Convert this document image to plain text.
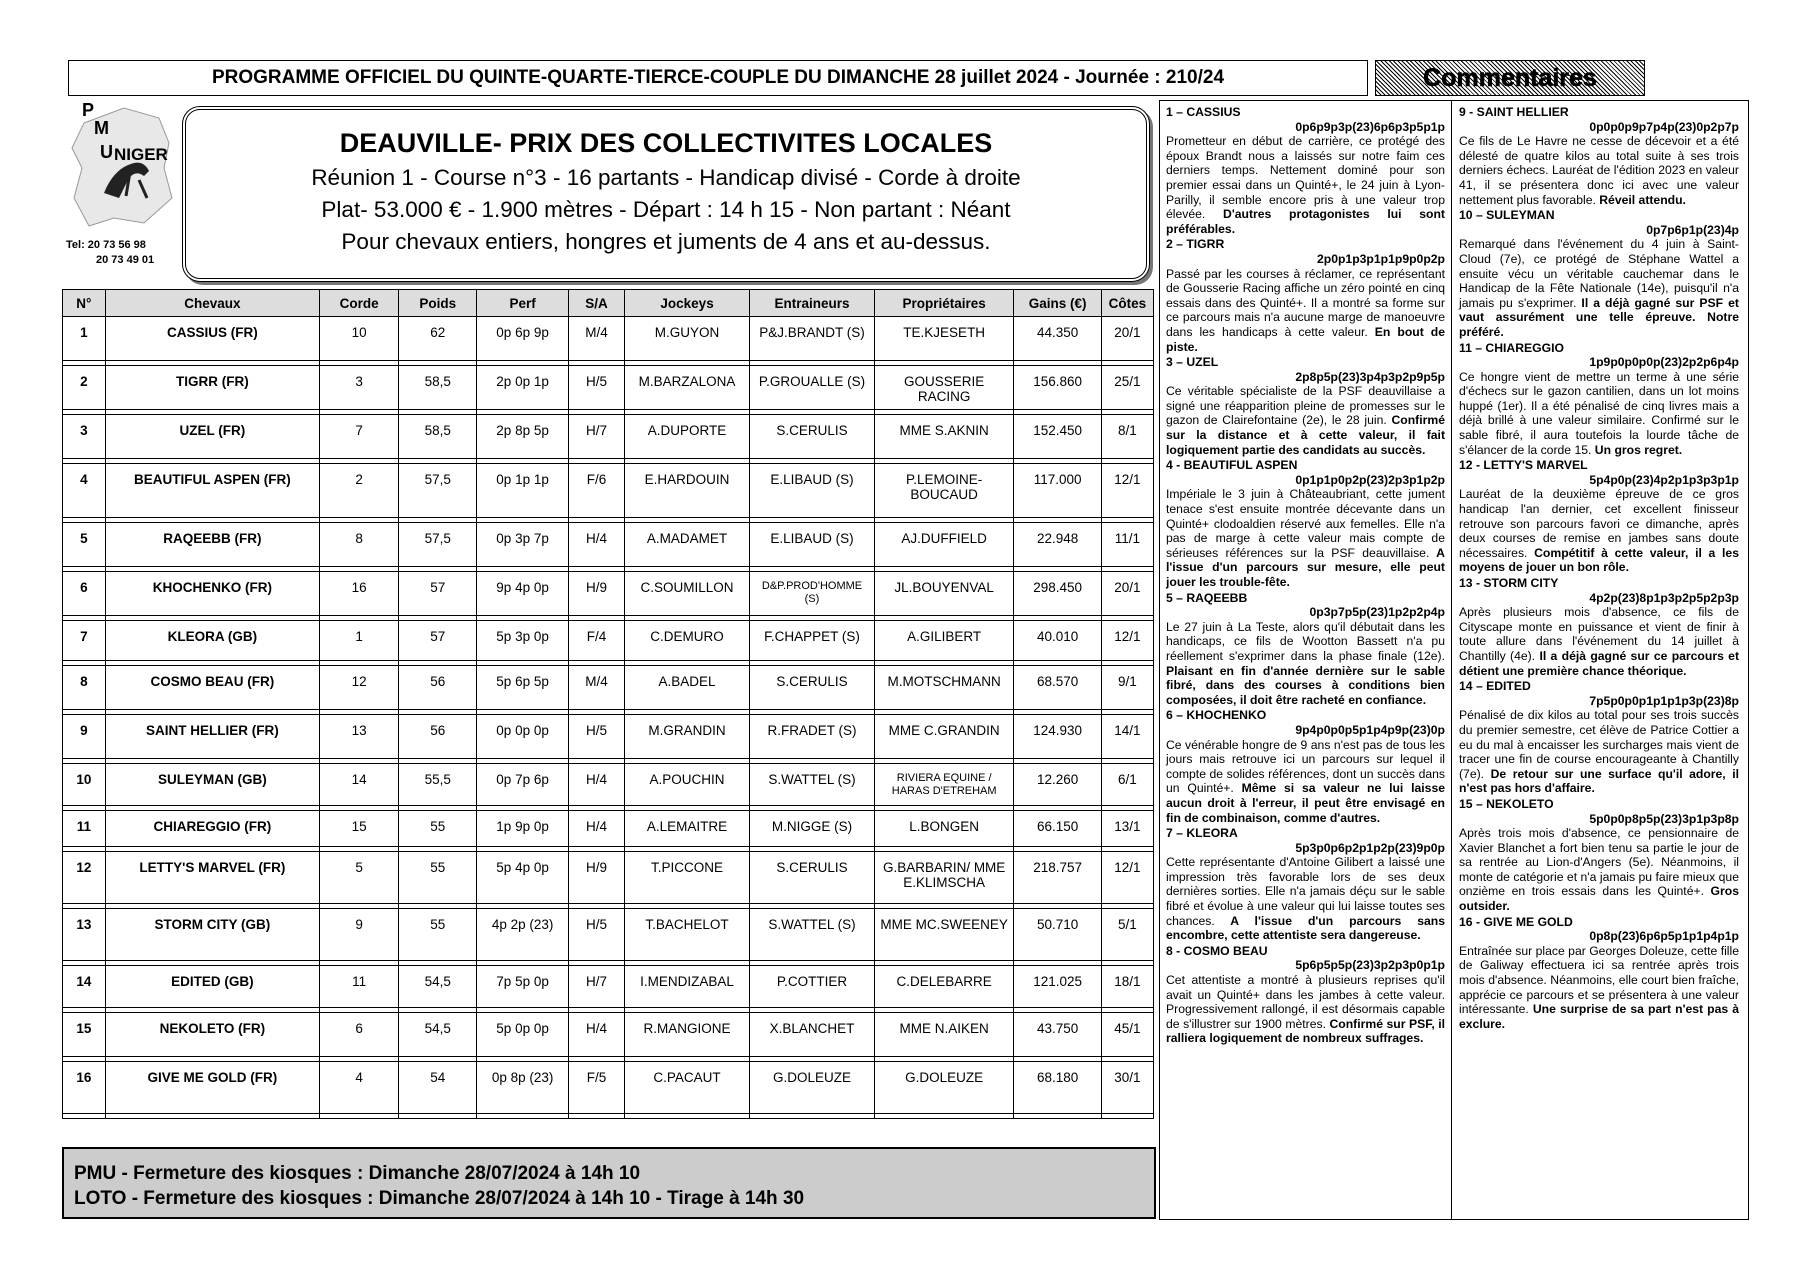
PROGRAMME OFFICIEL DU QUINTE-QUARTE-TIERCE-COUPLE DU DIMANCHE 28 juillet 2024 - Journée : 210/24	Commentaires
P
M
U NIGER
Tel: 20 73 56 98
20 73 49 01
DEAUVILLE- PRIX DES COLLECTIVITES LOCALES
Réunion 1 - Course n°3 - 16 partants - Handicap divisé - Corde à droite
Plat- 53.000 € - 1.900 mètres - Départ : 14 h 15 - Non partant : Néant
Pour chevaux entiers, hongres et juments de 4 ans et au-dessus.
N°	Chevaux	Corde	Poids	Perf	S/A	Jockeys	Entraineurs	Propriétaires	Gains (€)	Côtes
1	CASSIUS (FR)	10	62	0p 6p 9p	M/4	M.GUYON	P&J.BRANDT (S)	TE.KJESETH	44.350	20/1

2	TIGRR (FR)	3	58,5	2p 0p 1p	H/5	M.BARZALONA	P.GROUALLE (S)	GOUSSERIE RACING	156.860	25/1

3	UZEL (FR)	7	58,5	2p 8p 5p	H/7	A.DUPORTE	S.CERULIS	MME S.AKNIN	152.450	8/1

4	BEAUTIFUL ASPEN (FR)	2	57,5	0p 1p 1p	F/6	E.HARDOUIN	E.LIBAUD (S)	P.LEMOINE-BOUCAUD	117.000	12/1

5	RAQEEBB (FR)	8	57,5	0p 3p 7p	H/4	A.MADAMET	E.LIBAUD (S)	AJ.DUFFIELD	22.948	11/1

6	KHOCHENKO (FR)	16	57	9p 4p 0p	H/9	C.SOUMILLON	D&P.PROD'HOMME (S)	JL.BOUYENVAL	298.450	20/1

7	KLEORA (GB)	1	57	5p 3p 0p	F/4	C.DEMURO	F.CHAPPET (S)	A.GILIBERT	40.010	12/1

8	COSMO BEAU (FR)	12	56	5p 6p 5p	M/4	A.BADEL	S.CERULIS	M.MOTSCHMANN	68.570	9/1

9	SAINT HELLIER (FR)	13	56	0p 0p 0p	H/5	M.GRANDIN	R.FRADET (S)	MME C.GRANDIN	124.930	14/1

10	SULEYMAN (GB)	14	55,5	0p 7p 6p	H/4	A.POUCHIN	S.WATTEL (S)	RIVIERA EQUINE / HARAS D'ETREHAM	12.260	6/1

11	CHIAREGGIO (FR)	15	55	1p 9p 0p	H/4	A.LEMAITRE	M.NIGGE (S)	L.BONGEN	66.150	13/1

12	LETTY'S MARVEL (FR)	5	55	5p 4p 0p	H/9	T.PICCONE	S.CERULIS	G.BARBARIN/ MME E.KLIMSCHA	218.757	12/1

13	STORM CITY (GB)	9	55	4p 2p (23)	H/5	T.BACHELOT	S.WATTEL (S)	MME MC.SWEENEY	50.710	5/1

14	EDITED (GB)	11	54,5	7p 5p 0p	H/7	I.MENDIZABAL	P.COTTIER	C.DELEBARRE	121.025	18/1

15	NEKOLETO (FR)	6	54,5	5p 0p 0p	H/4	R.MANGIONE	X.BLANCHET	MME N.AIKEN	43.750	45/1

16	GIVE ME GOLD (FR)	4	54	0p 8p (23)	F/5	C.PACAUT	G.DOLEUZE	G.DOLEUZE	68.180	30/1

PMU - Fermeture des kiosques : Dimanche 28/07/2024 à 14h 10
LOTO - Fermeture des kiosques : Dimanche 28/07/2024 à 14h 10 - Tirage à 14h 30
1 – CASSIUS
0p6p9p3p(23)6p6p3p5p1p
Prometteur en début de carrière, ce protégé des époux Brandt nous a laissés sur notre faim ces derniers temps. Nettement dominé pour son premier essai dans un Quinté+, le 24 juin à Lyon-Parilly, il semble encore pris à une valeur trop élevée. D'autres protagonistes lui sont préférables.
2 – TIGRR
2p0p1p3p1p1p9p0p2p
Passé par les courses à réclamer, ce représentant de Gousserie Racing affiche un zéro pointé en cinq essais dans des Quinté+. Il a montré sa forme sur ce parcours mais n'a aucune marge de manoeuvre dans les handicaps à cette valeur. En bout de piste.
3 – UZEL
2p8p5p(23)3p4p3p2p9p5p
Ce véritable spécialiste de la PSF deauvillaise a signé une réapparition pleine de promesses sur le gazon de Clairefontaine (2e), le 28 juin. Confirmé sur la distance et à cette valeur, il fait logiquement partie des candidats au succès.
4 - BEAUTIFUL ASPEN
0p1p1p0p2p(23)2p3p1p2p
Impériale le 3 juin à Châteaubriant, cette jument tenace s'est ensuite montrée décevante dans un Quinté+ clodoaldien réservé aux femelles. Elle n'a pas de marge à cette valeur mais compte de sérieuses références sur la PSF deauvillaise. A l'issue d'un parcours sur mesure, elle peut jouer les trouble-fête.
5 – RAQEEBB
0p3p7p5p(23)1p2p2p4p
Le 27 juin à La Teste, alors qu'il débutait dans les handicaps, ce fils de Wootton Bassett n'a pu réellement s'exprimer dans la phase finale (12e). Plaisant en fin d'année dernière sur le sable fibré, dans des courses à conditions bien composées, il doit être racheté en confiance.
6 – KHOCHENKO
9p4p0p0p5p1p4p9p(23)0p
Ce vénérable hongre de 9 ans n'est pas de tous les jours mais retrouve ici un parcours sur lequel il compte de solides références, dont un succès dans un Quinté+. Même si sa valeur ne lui laisse aucun droit à l'erreur, il peut être envisagé en fin de combinaison, comme d'autres.
7 – KLEORA
5p3p0p6p2p1p2p(23)9p0p
Cette représentante d'Antoine Gilibert a laissé une impression très favorable lors de ses deux dernières sorties. Elle n'a jamais déçu sur le sable fibré et évolue à une valeur qui lui laisse toutes ses chances. A l'issue d'un parcours sans encombre, cette attentiste sera dangereuse.
8 - COSMO BEAU
5p6p5p5p(23)3p2p3p0p1p
Cet attentiste a montré à plusieurs reprises qu'il avait un Quinté+ dans les jambes à cette valeur. Progressivement rallongé, il est désormais capable de s'illustrer sur 1900 mètres. Confirmé sur PSF, il ralliera logiquement de nombreux suffrages.
9 - SAINT HELLIER
0p0p0p9p7p4p(23)0p2p7p
Ce fils de Le Havre ne cesse de décevoir et a été délesté de quatre kilos au total suite à ses trois derniers échecs. Lauréat de l'édition 2023 en valeur 41, il se présentera donc ici avec une valeur nettement plus favorable. Réveil attendu.
10 – SULEYMAN
0p7p6p1p(23)4p
Remarqué dans l'événement du 4 juin à Saint-Cloud (7e), ce protégé de Stéphane Wattel a ensuite vécu un véritable cauchemar dans le Handicap de la Fête Nationale (14e), puisqu'il n'a jamais pu s'exprimer. Il a déjà gagné sur PSF et vaut assurément une telle épreuve. Notre préféré.
11 – CHIAREGGIO
1p9p0p0p0p(23)2p2p6p4p
Ce hongre vient de mettre un terme à une série d'échecs sur le gazon cantilien, dans un lot moins huppé (1er). Il a été pénalisé de cinq livres mais a déjà brillé à une valeur similaire. Confirmé sur le sable fibré, il aura toutefois la lourde tâche de s'élancer de la corde 15. Un gros regret.
12 - LETTY'S MARVEL
5p4p0p(23)4p2p1p3p3p1p
Lauréat de la deuxième épreuve de ce gros handicap l'an dernier, cet excellent finisseur retrouve son parcours favori ce dimanche, après deux courses de remise en jambes sans doute nécessaires. Compétitif à cette valeur, il a les moyens de jouer un bon rôle.
13 - STORM CITY
4p2p(23)8p1p3p2p5p2p3p
Après plusieurs mois d'absence, ce fils de Cityscape monte en puissance et vient de finir à toute allure dans l'événement du 14 juillet à Chantilly (4e). Il a déjà gagné sur ce parcours et détient une première chance théorique.
14 – EDITED
7p5p0p0p1p1p1p3p(23)8p
Pénalisé de dix kilos au total pour ses trois succès du premier semestre, cet élève de Patrice Cottier a eu du mal à encaisser les surcharges mais vient de tracer une fin de course encourageante à Chantilly (7e). De retour sur une surface qu'il adore, il n'est pas hors d'affaire.
15 – NEKOLETO
5p0p0p8p5p(23)3p1p3p8p
Après trois mois d'absence, ce pensionnaire de Xavier Blanchet a fort bien tenu sa partie le jour de sa rentrée au Lion-d'Angers (5e). Néanmoins, il monte de catégorie et n'a jamais pu faire mieux que onzième en trois essais dans les Quinté+. Gros outsider.
16 - GIVE ME GOLD
0p8p(23)6p6p5p1p1p4p1p
Entraînée sur place par Georges Doleuze, cette fille de Galiway effectuera ici sa rentrée après trois mois d'absence. Néanmoins, elle court bien fraîche, apprécie ce parcours et se présentera à une valeur intéressante. Une surprise de sa part n'est pas à exclure.
